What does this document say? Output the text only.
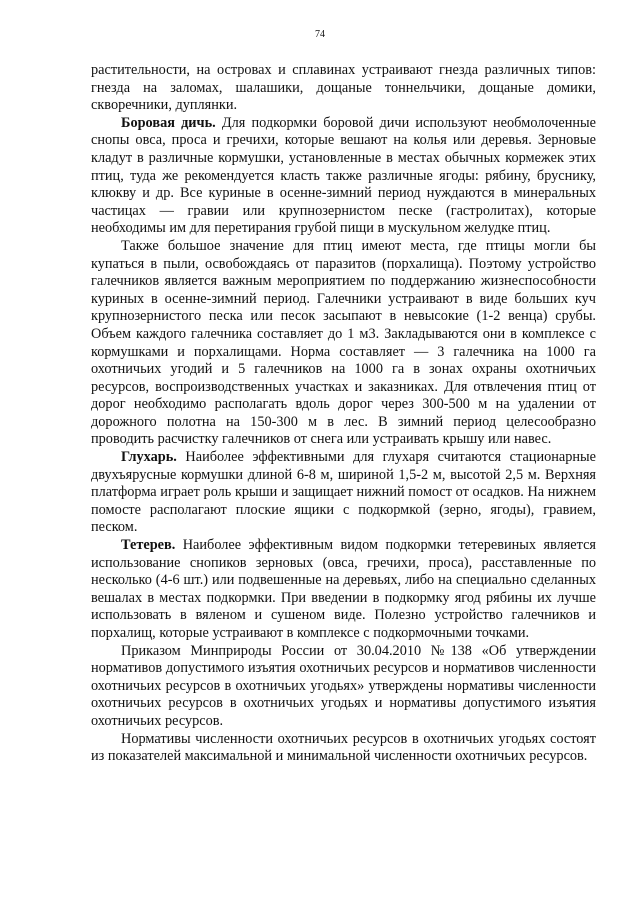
74

растительности, на островах и сплавинах устраивают гнезда различных типов: гнезда на заломах, шалашики, дощаные тоннельчики, дощаные домики, скворечники, дуплянки.

Боровая дичь. Для подкормки боровой дичи используют необмолоченные снопы овса, проса и гречихи, которые вешают на колья или деревья. Зерновые кладут в различные кормушки, установленные в местах обычных кормежек этих птиц, туда же рекомендуется класть также различные ягоды: рябину, бруснику, клюкву и др. Все куриные в осенне-зимний период нуждаются в минеральных частицах — гравии или крупнозернистом песке (гастролитах), которые необходимы им для перетирания грубой пищи в мускульном желудке птиц.

Также большое значение для птиц имеют места, где птицы могли бы купаться в пыли, освобождаясь от паразитов (порхалища). Поэтому устройство галечников является важным мероприятием по поддержанию жизнеспособности куриных в осенне-зимний период. Галечники устраивают в виде больших куч крупнозернистого песка или песок засыпают в невысокие (1-2 венца) срубы. Объем каждого галечника составляет до 1 м3. Закладываются они в комплексе с кормушками и порхалищами. Норма составляет — 3 галечника на 1000 га охотничьих угодий и 5 галечников на 1000 га в зонах охраны охотничьих ресурсов, воспроизводственных участках и заказниках. Для отвлечения птиц от дорог необходимо располагать вдоль дорог через 300-500 м на удалении от дорожного полотна на 150-300 м в лес. В зимний период целесообразно проводить расчистку галечников от снега или устраивать крышу или навес.

Глухарь. Наиболее эффективными для глухаря считаются стационарные двухъярусные кормушки длиной 6-8 м, шириной 1,5-2 м, высотой 2,5 м. Верхняя платформа играет роль крыши и защищает нижний помост от осадков. На нижнем помосте располагают плоские ящики с подкормкой (зерно, ягоды), гравием, песком.

Тетерев. Наиболее эффективным видом подкормки тетеревиных является использование снопиков зерновых (овса, гречихи, проса), расставленные по несколько (4-6 шт.) или подвешенные на деревьях, либо на специально сделанных вешалах в местах подкормки. При введении в подкормку ягод рябины их лучше использовать в вяленом и сушеном виде. Полезно устройство галечников и порхалищ, которые устраивают в комплексе с подкормочными точками.

Приказом Минприроды России от 30.04.2010 №138 «Об утверждении нормативов допустимого изъятия охотничьих ресурсов и нормативов численности охотничьих ресурсов в охотничьих угодьях» утверждены нормативы численности охотничьих ресурсов в охотничьих угодьях и нормативы допустимого изъятия охотничьих ресурсов.

Нормативы численности охотничьих ресурсов в охотничьих угодьях состоят из показателей максимальной и минимальной численности охотничьих ресурсов.
